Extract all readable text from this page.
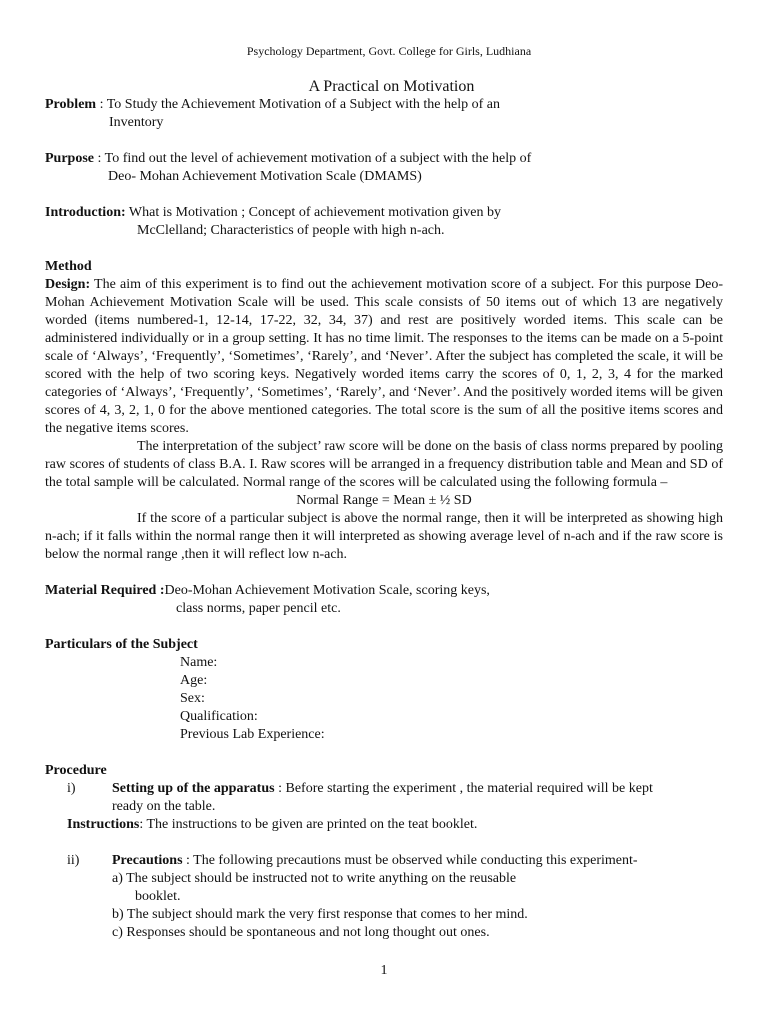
Psychology Department, Govt. College for Girls, Ludhiana
A Practical on Motivation

Problem : To Study the Achievement Motivation of a Subject with the help of an

Inventory

Purpose : To find out the level of achievement motivation of a subject with the help of

Deo- Mohan Achievement Motivation Scale (DMAMS)

Introduction: What is Motivation ; Concept of achievement motivation given by

McClelland; Characteristics of people with high n-ach.

Method

Design: The aim of this experiment is to find out the achievement motivation score of a subject. For this purpose Deo-Mohan Achievement Motivation Scale will be used. This scale consists of 50 items out of which 13 are negatively worded (items numbered-1, 12-14, 17-22, 32, 34, 37) and rest are positively worded items. This scale can be administered individually or in a group setting. It has no time limit. The responses to the items can be made on a 5-point scale of ‘Always’, ‘Frequently’, ‘Sometimes’, ‘Rarely’, and ‘Never’. After the subject has completed the scale, it will be scored with the help of two scoring keys. Negatively worded items carry the scores of 0, 1, 2, 3, 4 for the marked categories of ‘Always’, ‘Frequently’, ‘Sometimes’, ‘Rarely’, and ‘Never’. And the positively worded items will be given scores of 4, 3, 2, 1, 0 for the above mentioned categories. The total score is the sum of all the positive items scores and the negative items scores.

The interpretation of the subject’ raw score will be done on the basis of class norms prepared by pooling raw scores of students of class B.A. I. Raw scores will be arranged in a frequency distribution table and Mean and SD of the total sample will be calculated. Normal range of the scores will be calculated using the following formula –

Normal Range = Mean ± ½ SD

If the score of a particular subject is above the normal range, then it will be interpreted as showing high n-ach; if it falls within the normal range then it will interpreted as showing average level of n-ach and if the raw score is below the normal range ,then it will reflect low n-ach.

Material Required :Deo-Mohan Achievement Motivation Scale, scoring keys,

class norms, paper pencil etc.

Particulars of the Subject

Name:

Age:

Sex:

Qualification:

Previous Lab Experience:

Procedure

i)	Setting up of the apparatus : Before starting the experiment , the material required will be kept

ready on the table.

Instructions: The instructions to be given are printed on the teat booklet.

ii)	Precautions : The following precautions must be observed while conducting this experiment-

a) The subject should be instructed not to write anything on the reusable

booklet.

b) The subject should mark the very first response that comes to her mind.

c) Responses should be spontaneous and not long thought out ones.

1
